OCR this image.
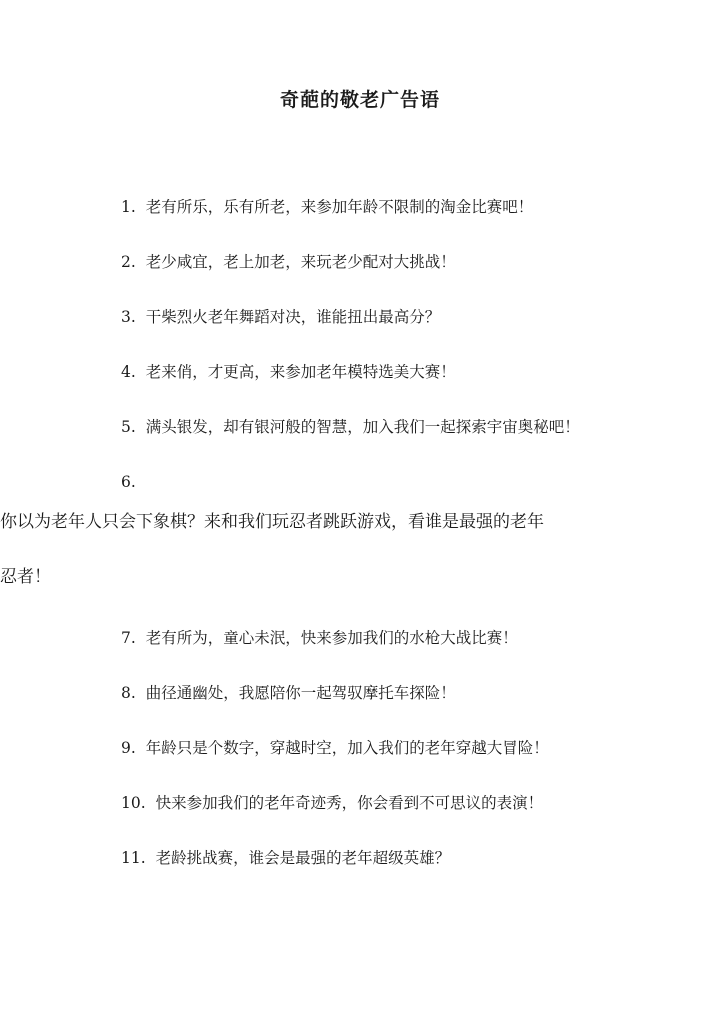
奇葩的敬老广告语
1. 老有所乐，乐有所老，来参加年龄不限制的淘金比赛吧！
2. 老少咸宜，老上加老，来玩老少配对大挑战！
3. 干柴烈火老年舞蹈对决，谁能扭出最高分？
4. 老来俏，才更高，来参加老年模特选美大赛！
5. 满头银发，却有银河般的智慧，加入我们一起探索宇宙奥秘吧！
6.
你以为老年人只会下象棋？来和我们玩忍者跳跃游戏，看谁是最强的老年忍者！
7. 老有所为，童心未泯，快来参加我们的水枪大战比赛！
8. 曲径通幽处，我愿陪你一起驾驭摩托车探险！
9. 年龄只是个数字，穿越时空，加入我们的老年穿越大冒险！
10. 快来参加我们的老年奇迹秀，你会看到不可思议的表演！
11. 老龄挑战赛，谁会是最强的老年超级英雄？
